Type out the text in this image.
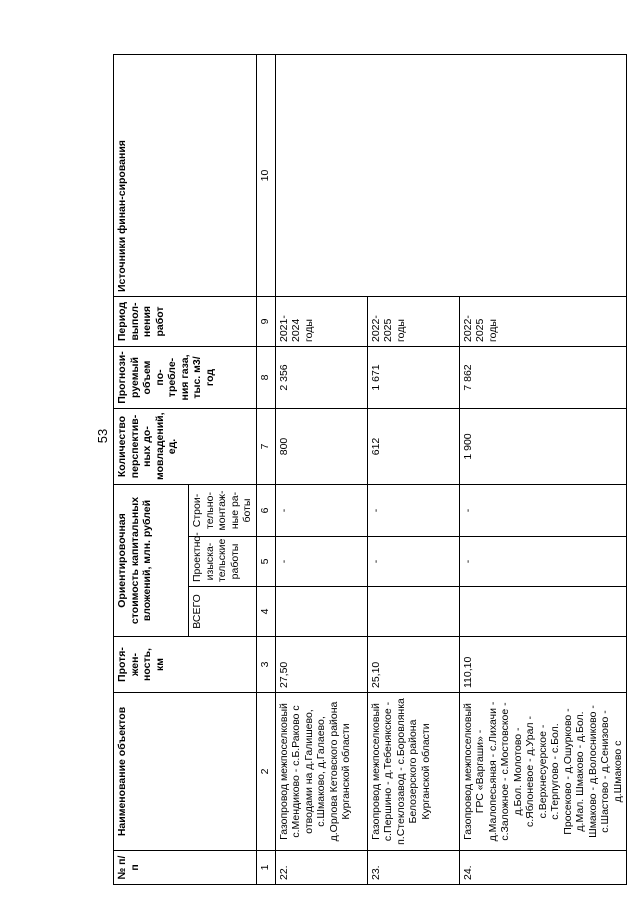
53
№ п/п	Наименование объектов	Протя-жен-ность, км	Ориентировочная стоимость капитальных вложений, млн. рублей			Количество перспектив-ных до-мовладений, ед.	Прогнози-руемый объем по-требле-ния газа, тыс. м3/год	Период выпол-нения работ	Источники финан-сирования
			ВСЕГО	Проектно-изыска-тельские работы	Строи-тельно-монтаж-ные ра-боты				
1	2	3	4	5	6	7	8	9	10
22.	Газопровод межпоселковый с.Мендиково - с.Б.Раково с отводами на д.Галишево, с.Шмаково, д.Галаево, д.Орлова Кетовского района Курганской области	27,50		-	-	800	2 356	2021-2024 годы	
23.	Газопровод межпоселковый с.Першино - д.Тебенякское - п.Стеклозавод - с.Боровлянка Белозерского района Курганской области	25,10		-	-	612	1 671	2022-2025 годы	
24.	Газопровод межпоселковый ГРС «Варгаши» - д.Малопесьяная - с.Лихачи - с.Заложное - с.Мостовское - д.Бол. Молотово - с.Яблоневое - д.Урал - с.Верхнесуерское - с.Терпугово - с.Бол. Просеково - д.Ошурково - д.Мал. Шмаково - д.Бол. Шмаково - д.Волосниково - с.Шастово - д.Сенизово - д.Шмаково с	110,10		-	-	1 900	7 862	2022-2025 годы	
